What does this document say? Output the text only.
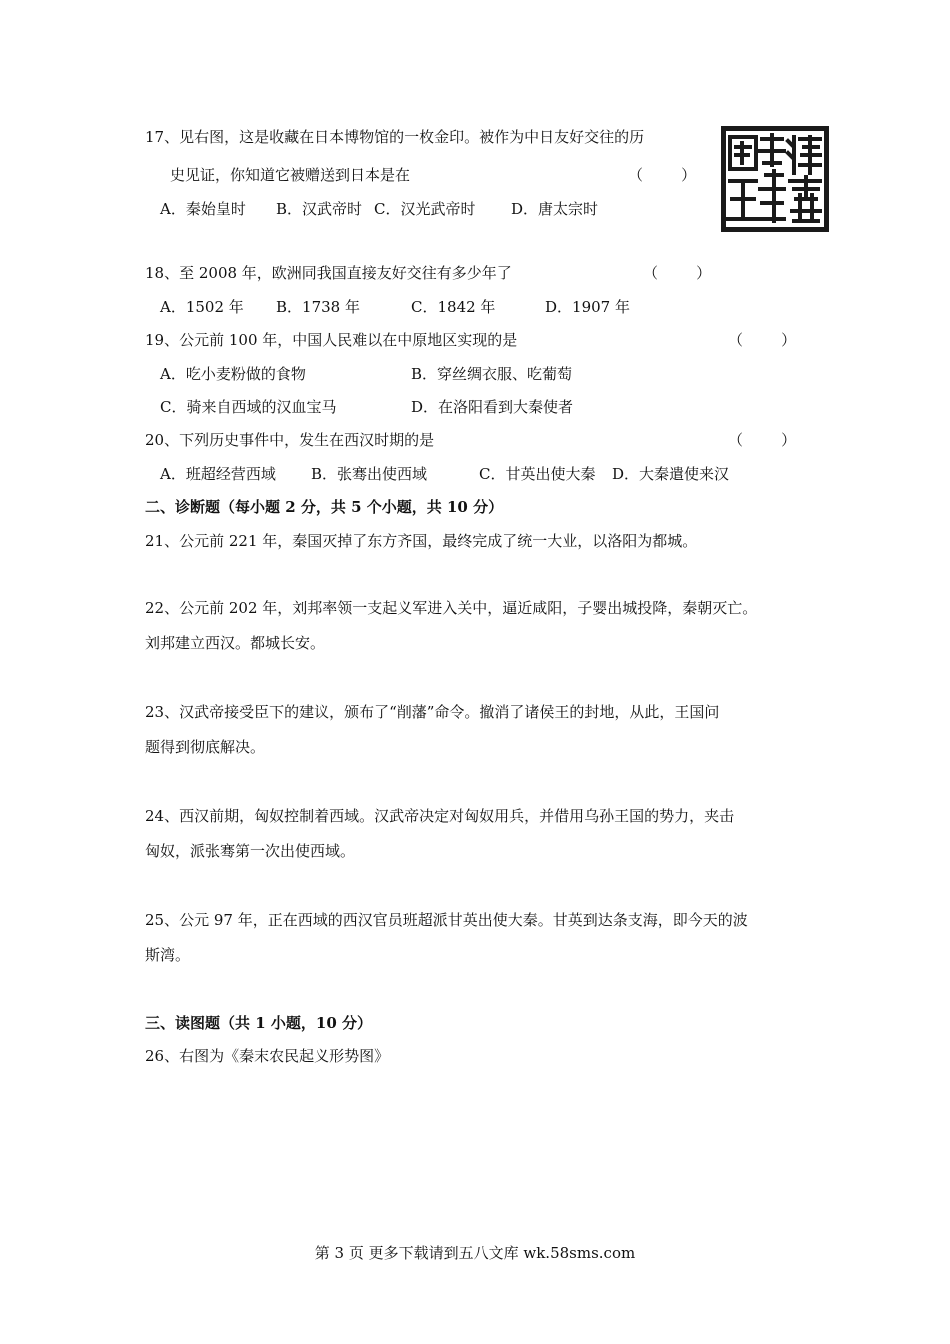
17、见右图，这是收藏在日本博物馆的一枚金印。被作为中日友好交往的历
史见证，你知道它被赠送到日本是在	（        ）
A．秦始皇时 B．汉武帝时 C．汉光武帝时 D．唐太宗时
18、至 2008 年，欧洲同我国直接友好交往有多少年了	（        ）
A．1502 年 B．1738 年	C．1842 年	D．1907 年
19、公元前 100 年，中国人民难以在中原地区实现的是	（        ）
A．吃小麦粉做的食物	B．穿丝绸衣服、吃葡萄
C．骑来自西域的汉血宝马	D．在洛阳看到大秦使者
20、下列历史事件中，发生在西汉时期的是	（        ）
A．班超经营西域 B．张骞出使西域	C．甘英出使大秦 D．大秦遣使来汉
二、诊断题（每小题 2 分，共 5 个小题，共 10 分）
21、公元前 221 年，秦国灭掉了东方齐国，最终完成了统一大业，以洛阳为都城。
22、公元前 202 年，刘邦率领一支起义军进入关中，逼近咸阳，子婴出城投降，秦朝灭亡。
刘邦建立西汉。都城长安。
23、汉武帝接受臣下的建议，颁布了“削藩”命令。撤消了诸侯王的封地，从此，王国问
题得到彻底解决。
24、西汉前期，匈奴控制着西域。汉武帝决定对匈奴用兵，并借用乌孙王国的势力，夹击
匈奴，派张骞第一次出使西域。
25、公元 97 年，正在西域的西汉官员班超派甘英出使大秦。甘英到达条支海，即今天的波
斯湾。
三、读图题（共 1 小题，10 分）
26、右图为《秦末农民起义形势图》
第 3 页 更多下载请到五八文库 wk.58sms.com
